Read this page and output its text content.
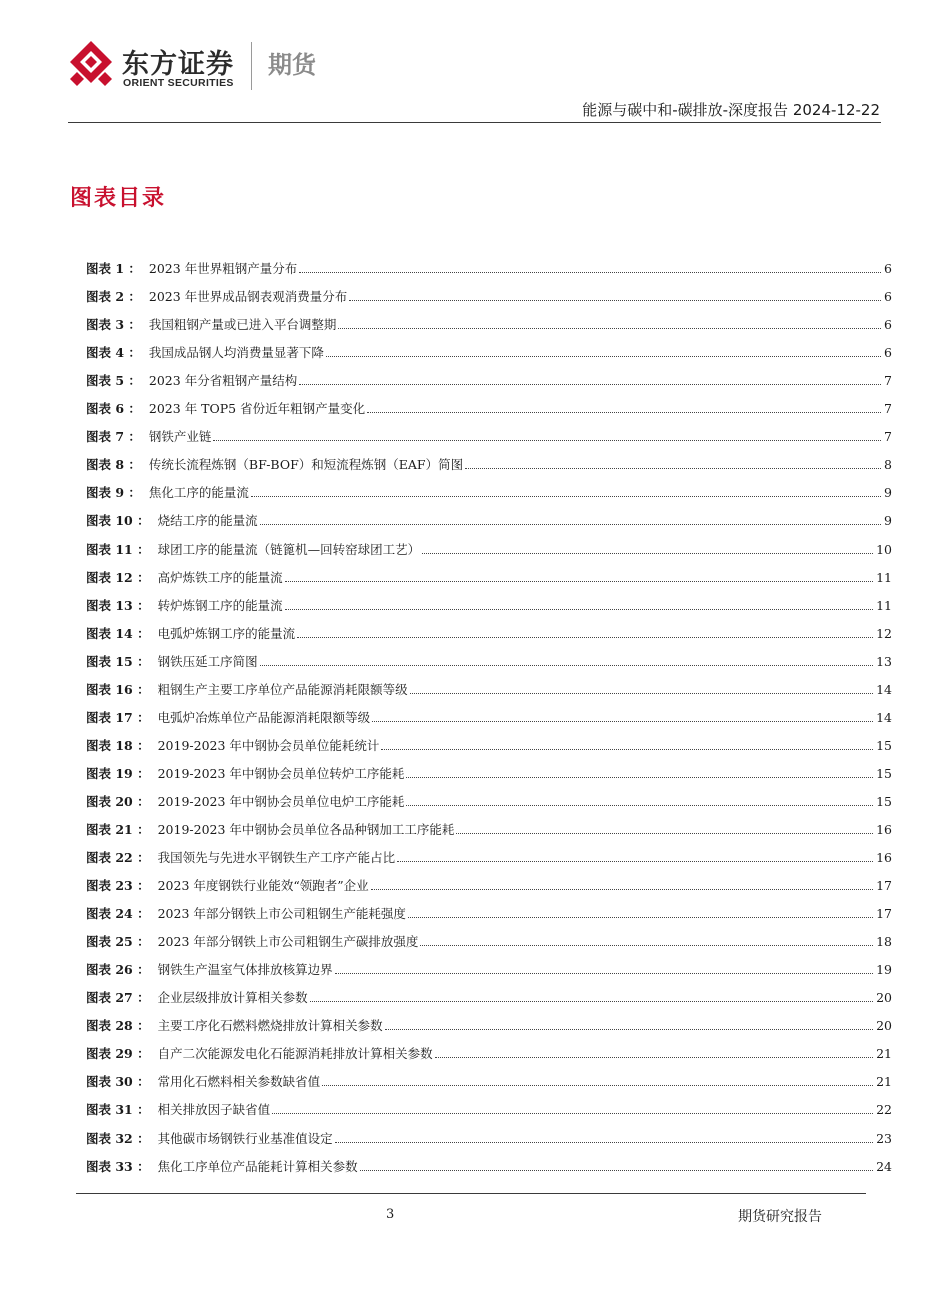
东方证券
ORIENT SECURITIES
期货
能源与碳中和-碳排放-深度报告 2024-12-22
图表目录
图表 1 ： 2023 年世界粗钢产量分布	6
图表 2 ： 2023 年世界成品钢表观消费量分布	6
图表 3 ： 我国粗钢产量或已进入平台调整期	6
图表 4 ： 我国成品钢人均消费量显著下降	6
图表 5 ： 2023 年分省粗钢产量结构	7
图表 6 ： 2023 年 TOP5 省份近年粗钢产量变化	7
图表 7 ： 钢铁产业链	7
图表 8 ： 传统长流程炼钢（BF-BOF）和短流程炼钢（EAF）简图	8
图表 9 ： 焦化工序的能量流	9
图表 10 ： 烧结工序的能量流	9
图表 11 ： 球团工序的能量流（链篦机—回转窑球团工艺）	10
图表 12 ： 高炉炼铁工序的能量流	11
图表 13 ： 转炉炼钢工序的能量流	11
图表 14 ： 电弧炉炼钢工序的能量流	12
图表 15 ： 钢铁压延工序简图	13
图表 16 ： 粗钢生产主要工序单位产品能源消耗限额等级	14
图表 17 ： 电弧炉冶炼单位产品能源消耗限额等级	14
图表 18 ： 2019-2023 年中钢协会员单位能耗统计	15
图表 19 ： 2019-2023 年中钢协会员单位转炉工序能耗	15
图表 20 ： 2019-2023 年中钢协会员单位电炉工序能耗	15
图表 21 ： 2019-2023 年中钢协会员单位各品种钢加工工序能耗	16
图表 22 ： 我国领先与先进水平钢铁生产工序产能占比	16
图表 23 ： 2023 年度钢铁行业能效“领跑者”企业	17
图表 24 ： 2023 年部分钢铁上市公司粗钢生产能耗强度	17
图表 25 ： 2023 年部分钢铁上市公司粗钢生产碳排放强度	18
图表 26 ： 钢铁生产温室气体排放核算边界	19
图表 27 ： 企业层级排放计算相关参数	20
图表 28 ： 主要工序化石燃料燃烧排放计算相关参数	20
图表 29 ： 自产二次能源发电化石能源消耗排放计算相关参数	21
图表 30 ： 常用化石燃料相关参数缺省值	21
图表 31 ： 相关排放因子缺省值	22
图表 32 ： 其他碳市场钢铁行业基准值设定	23
图表 33 ： 焦化工序单位产品能耗计算相关参数	24
3	期货研究报告
